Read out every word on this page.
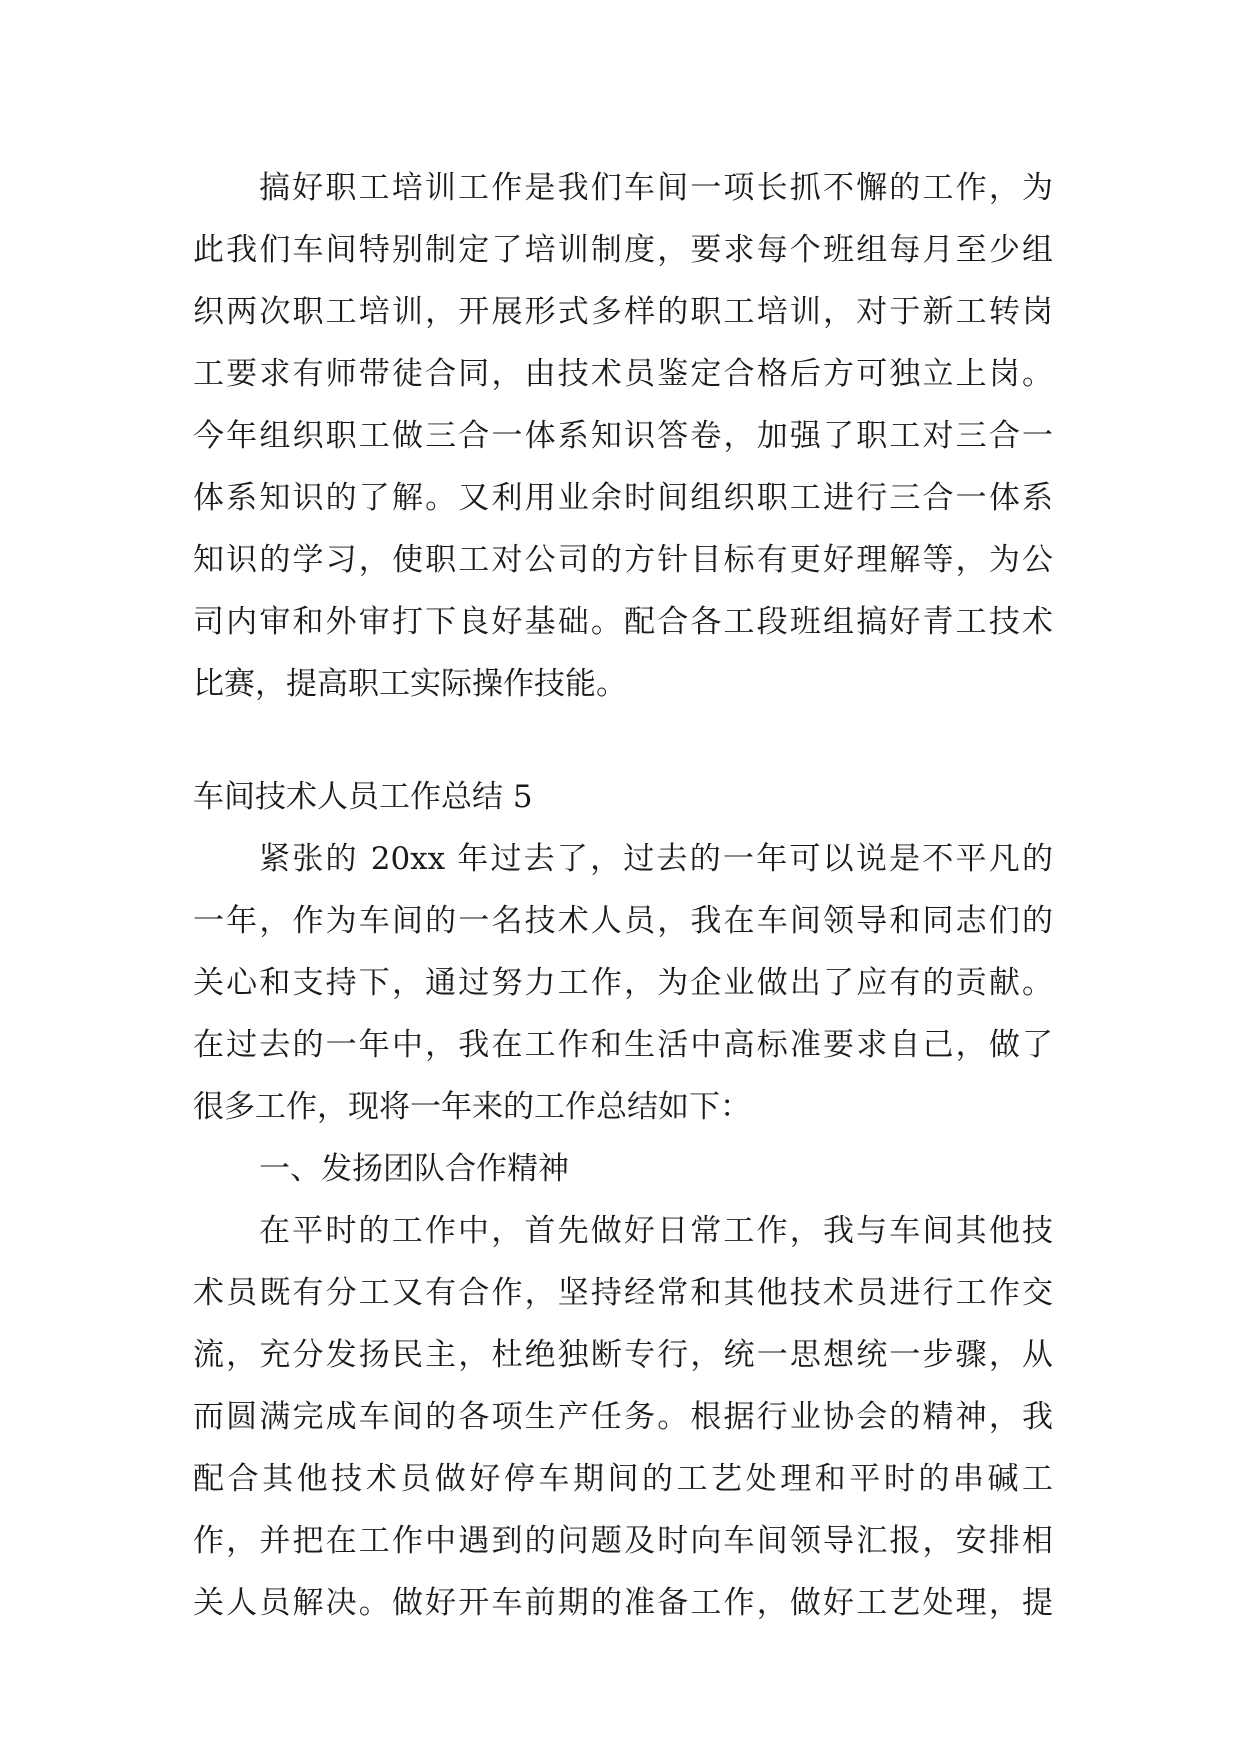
搞好职工培训工作是我们车间一项长抓不懈的工作，为
此我们车间特别制定了培训制度，要求每个班组每月至少组
织两次职工培训，开展形式多样的职工培训，对于新工转岗
工要求有师带徒合同，由技术员鉴定合格后方可独立上岗。
今年组织职工做三合一体系知识答卷，加强了职工对三合一
体系知识的了解。又利用业余时间组织职工进行三合一体系
知识的学习，使职工对公司的方针目标有更好理解等，为公
司内审和外审打下良好基础。配合各工段班组搞好青工技术
比赛，提高职工实际操作技能。
车间技术人员工作总结 5
紧张的 20xx 年过去了，过去的一年可以说是不平凡的
一年，作为车间的一名技术人员，我在车间领导和同志们的
关心和支持下，通过努力工作，为企业做出了应有的贡献。
在过去的一年中，我在工作和生活中高标准要求自己，做了
很多工作，现将一年来的工作总结如下：
一、发扬团队合作精神
在平时的工作中，首先做好日常工作，我与车间其他技
术员既有分工又有合作，坚持经常和其他技术员进行工作交
流，充分发扬民主，杜绝独断专行，统一思想统一步骤，从
而圆满完成车间的各项生产任务。根据行业协会的精神，我
配合其他技术员做好停车期间的工艺处理和平时的串碱工
作，并把在工作中遇到的问题及时向车间领导汇报，安排相
关人员解决。做好开车前期的准备工作，做好工艺处理，提
